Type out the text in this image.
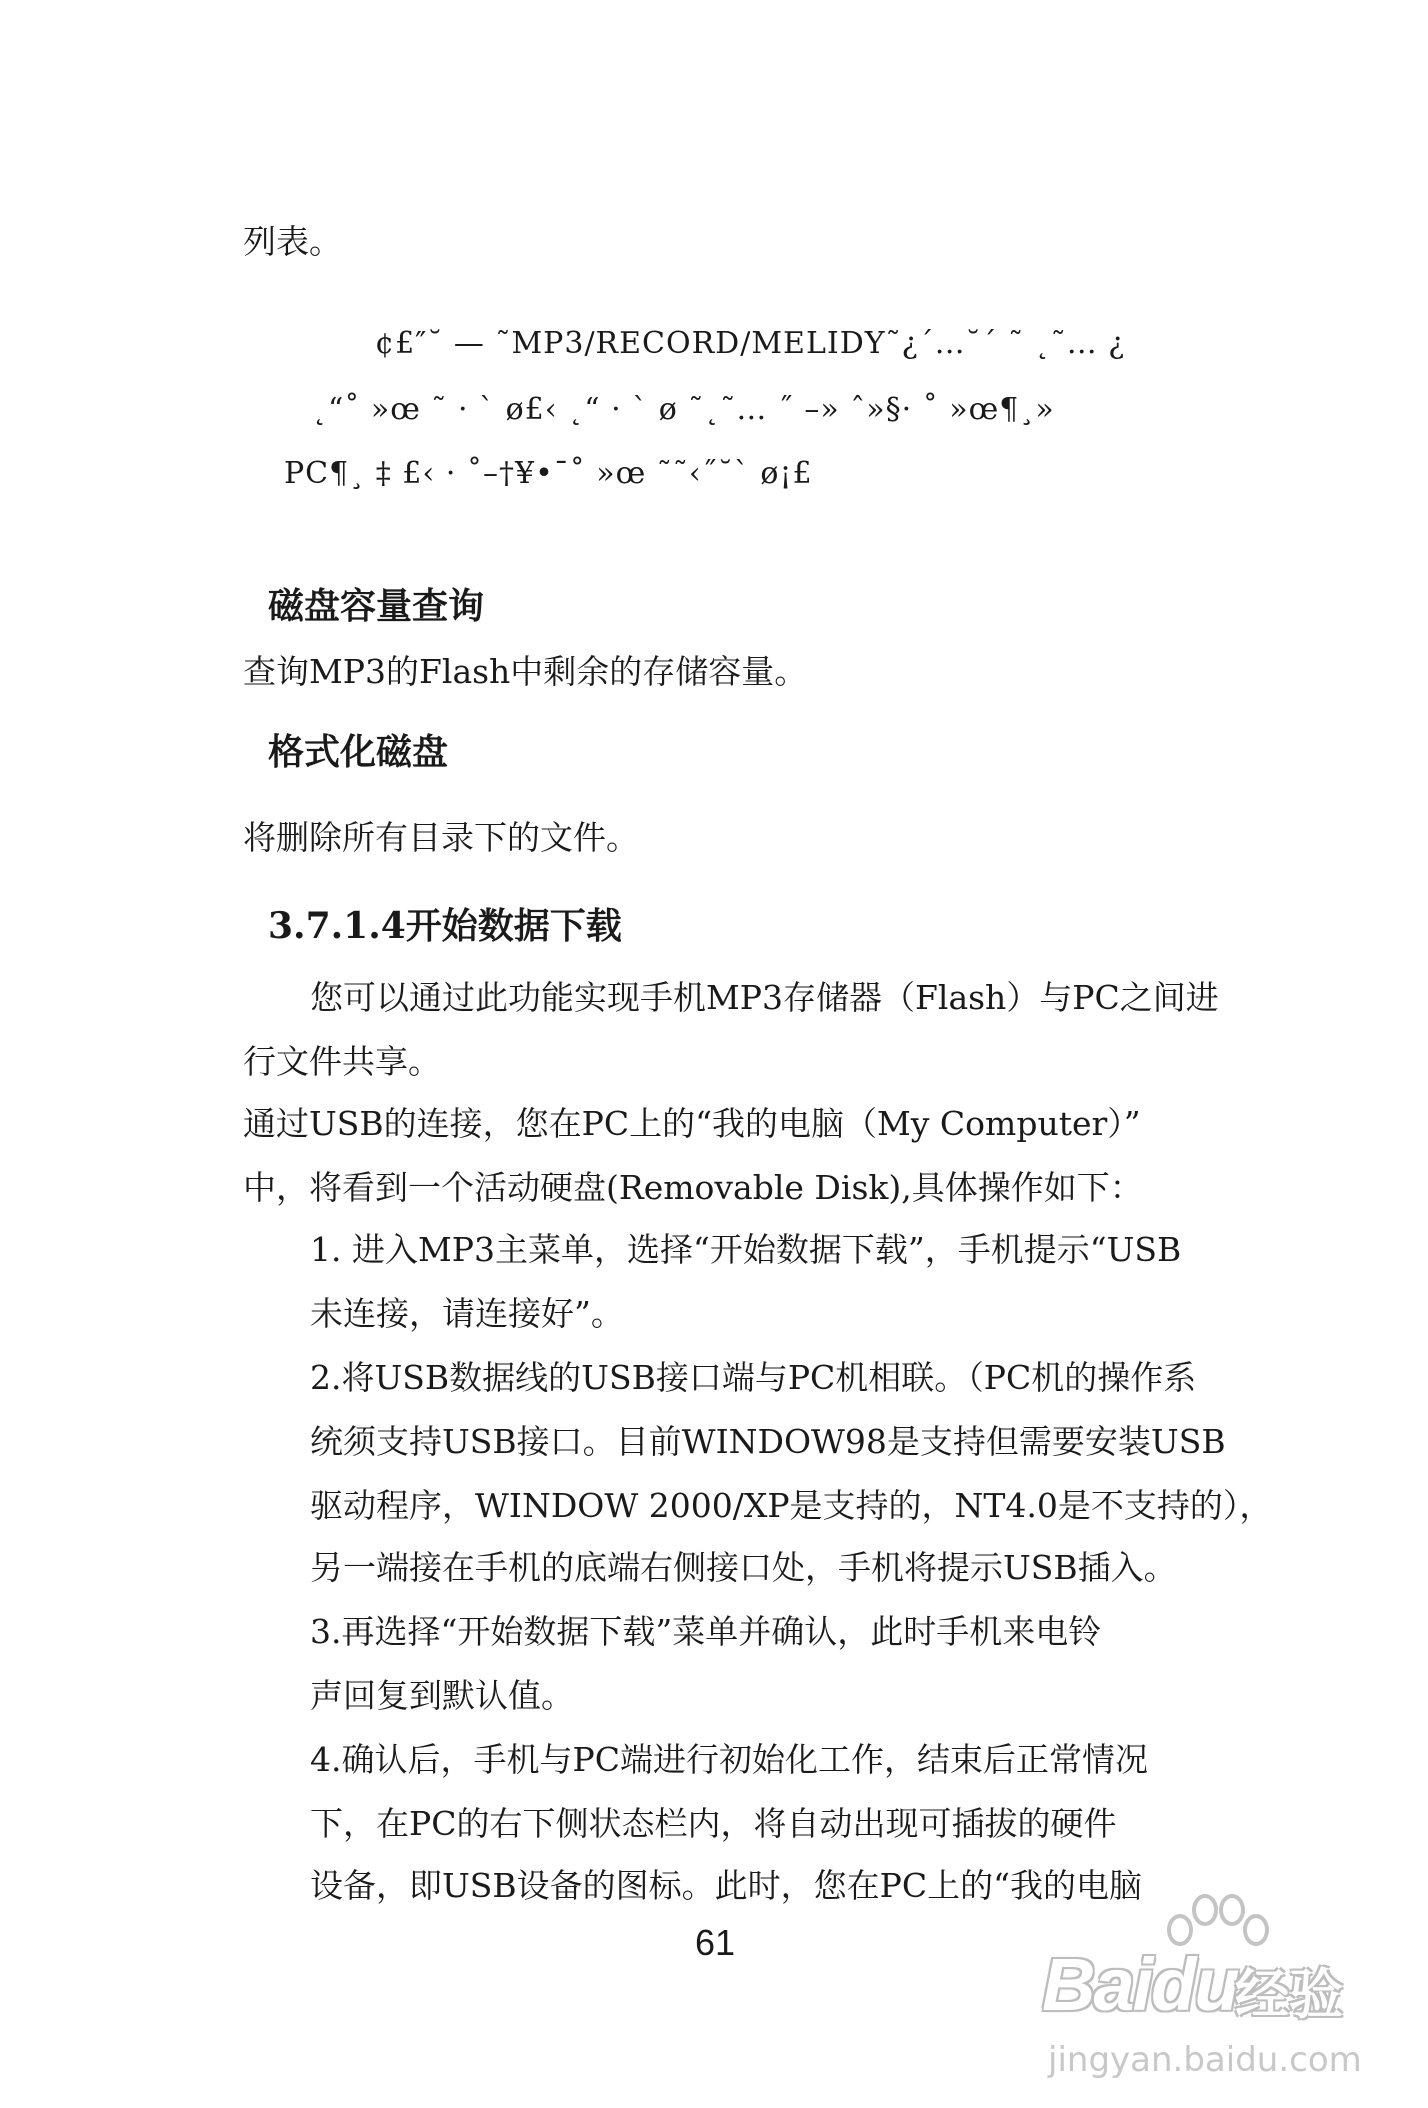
列表。
¢£″˘ — ˜MP3/RECORD/MELIDY˜¿´…˘´ ˜ ˛˜… ¿
˛“˚ »œ ˜ · ` ø£‹ ˛“ · ` ø ˜˛˜… ˝ –» ˆ»§· ˚ »œ¶¸»
PC¶¸ ‡ £‹ · ˚–†¥•¯˚ »œ ˜˜‹˝˘` ø¡£
磁盘容量查询
查询MP3的Flash中剩余的存储容量。
格式化磁盘
将删除所有目录下的文件。
3.7.1.4开始数据下载
您可以通过此功能实现手机MP3存储器（Flash）与PC之间进
行文件共享。
通过USB的连接，您在PC上的“我的电脑（My Computer）”
中，将看到一个活动硬盘(Removable Disk),具体操作如下：
1. 进入MP3主菜单，选择“开始数据下载”，手机提示“USB
未连接，请连接好”。
2.将USB数据线的USB接口端与PC机相联。（PC机的操作系
统须支持USB接口。目前WINDOW98是支持但需要安装USB
驱动程序，WINDOW 2000/XP是支持的，NT4.0是不支持的），
另一端接在手机的底端右侧接口处，手机将提示USB插入。
3.再选择“开始数据下载”菜单并确认，此时手机来电铃
声回复到默认值。
4.确认后，手机与PC端进行初始化工作，结束后正常情况
下，在PC的右下侧状态栏内，将自动出现可插拔的硬件
设备，即USB设备的图标。此时，您在PC上的“我的电脑
61
Baidu
经验
jingyan.baidu.com
